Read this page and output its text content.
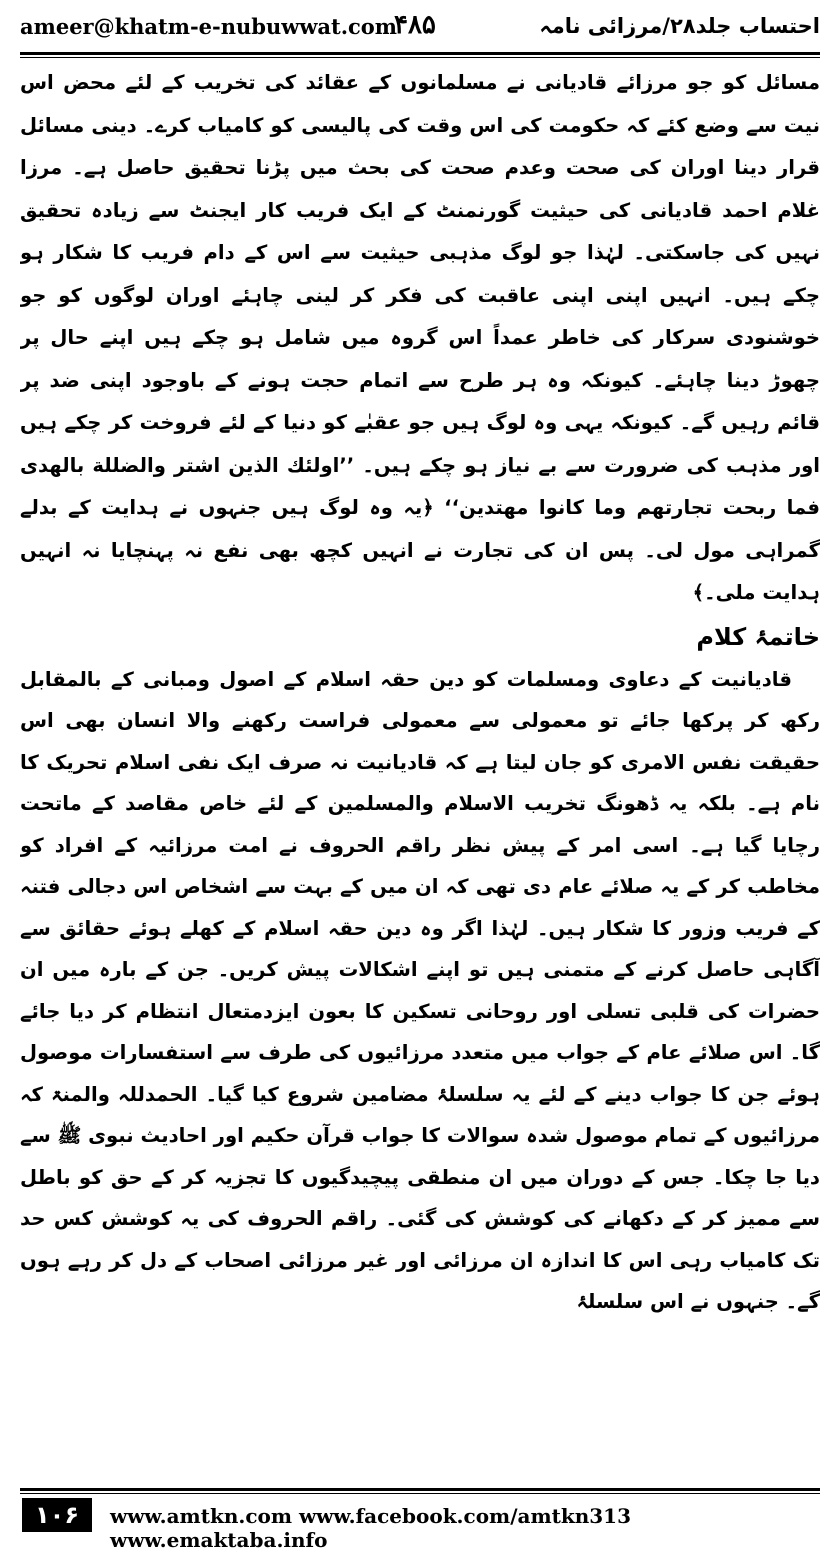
ameer@khatm-e-nubuwwat.com
۴۸۵	احتساب جلد۲۸/مرزائی نامہ

مسائل کو جو مرزائے قادیانی نے مسلمانوں کے عقائد کی تخریب کے لئے محض اس نیت سے وضع کئے کہ حکومت کی اس وقت کی پالیسی کو کامیاب کرے۔ دینی مسائل قرار دینا اوران کی صحت وعدم صحت کی بحث میں پڑنا تحقیق حاصل ہے۔ مرزا غلام احمد قادیانی کی حیثیت گورنمنٹ کے ایک فریب کار ایجنٹ سے زیادہ تحقیق نہیں کی جاسکتی۔ لہٰذا جو لوگ مذہبی حیثیت سے اس کے دام فریب کا شکار ہو چکے ہیں۔ انہیں اپنی اپنی عاقبت کی فکر کر لینی چاہئے اوران لوگوں کو جو خوشنودی سرکار کی خاطر عمداً اس گروہ میں شامل ہو چکے ہیں اپنے حال پر چھوڑ دینا چاہئے۔ کیونکہ وہ ہر طرح سے اتمام حجت ہونے کے باوجود اپنی ضد پر قائم رہیں گے۔ کیونکہ یہی وہ لوگ ہیں جو عقبٰے کو دنیا کے لئے فروخت کر چکے ہیں اور مذہب کی ضرورت سے بے نیاز ہو چکے ہیں۔ ’’اولئك الذين اشتر والضللة بالهدى فما ربحت تجارتهم وما كانوا مهتدين‘‘ ﴿یہ وہ لوگ ہیں جنہوں نے ہدایت کے بدلے گمراہی مول لی۔ پس ان کی تجارت نے انہیں کچھ بھی نفع نہ پہنچایا نہ انہیں ہدایت ملی۔﴾

خاتمۂ کلام

قادیانیت کے دعاوی ومسلمات کو دین حقہ اسلام کے اصول ومبانی کے بالمقابل رکھ کر پرکھا جائے تو معمولی سے معمولی فراست رکھنے والا انسان بھی اس حقیقت نفس الامری کو جان لیتا ہے کہ قادیانیت نہ صرف ایک نفی اسلام تحریک کا نام ہے۔ بلکہ یہ ڈھونگ تخریب الاسلام والمسلمین کے لئے خاص مقاصد کے ماتحت رچایا گیا ہے۔ اسی امر کے پیش نظر راقم الحروف نے امت مرزائیہ کے افراد کو مخاطب کر کے یہ صلائے عام دی تھی کہ ان میں کے بہت سے اشخاص اس دجالی فتنہ کے فریب وزور کا شکار ہیں۔ لہٰذا اگر وہ دین حقہ اسلام کے کھلے ہوئے حقائق سے آگاہی حاصل کرنے کے متمنی ہیں تو اپنے اشکالات پیش کریں۔ جن کے بارہ میں ان حضرات کی قلبی تسلی اور روحانی تسکین کا بعون ایزدمتعال انتظام کر دیا جائے گا۔ اس صلائے عام کے جواب میں متعدد مرزائیوں کی طرف سے استفسارات موصول ہوئے جن کا جواب دینے کے لئے یہ سلسلۂ مضامین شروع کیا گیا۔ الحمدللہ والمنۃ کہ مرزائیوں کے تمام موصول شدہ سوالات کا جواب قرآن حکیم اور احادیث نبوی ﷺ سے دیا جا چکا۔ جس کے دوران میں ان منطقی پیچیدگیوں کا تجزیہ کر کے حق کو باطل سے ممیز کر کے دکھانے کی کوشش کی گئی۔ راقم الحروف کی یہ کوشش کس حد تک کامیاب رہی اس کا اندازہ ان مرزائی اور غیر مرزائی اصحاب کے دل کر رہے ہوں گے۔ جنہوں نے اس سلسلۂ

۱۰۶	www.amtkn.com www.facebook.com/amtkn313 www.emaktaba.info
